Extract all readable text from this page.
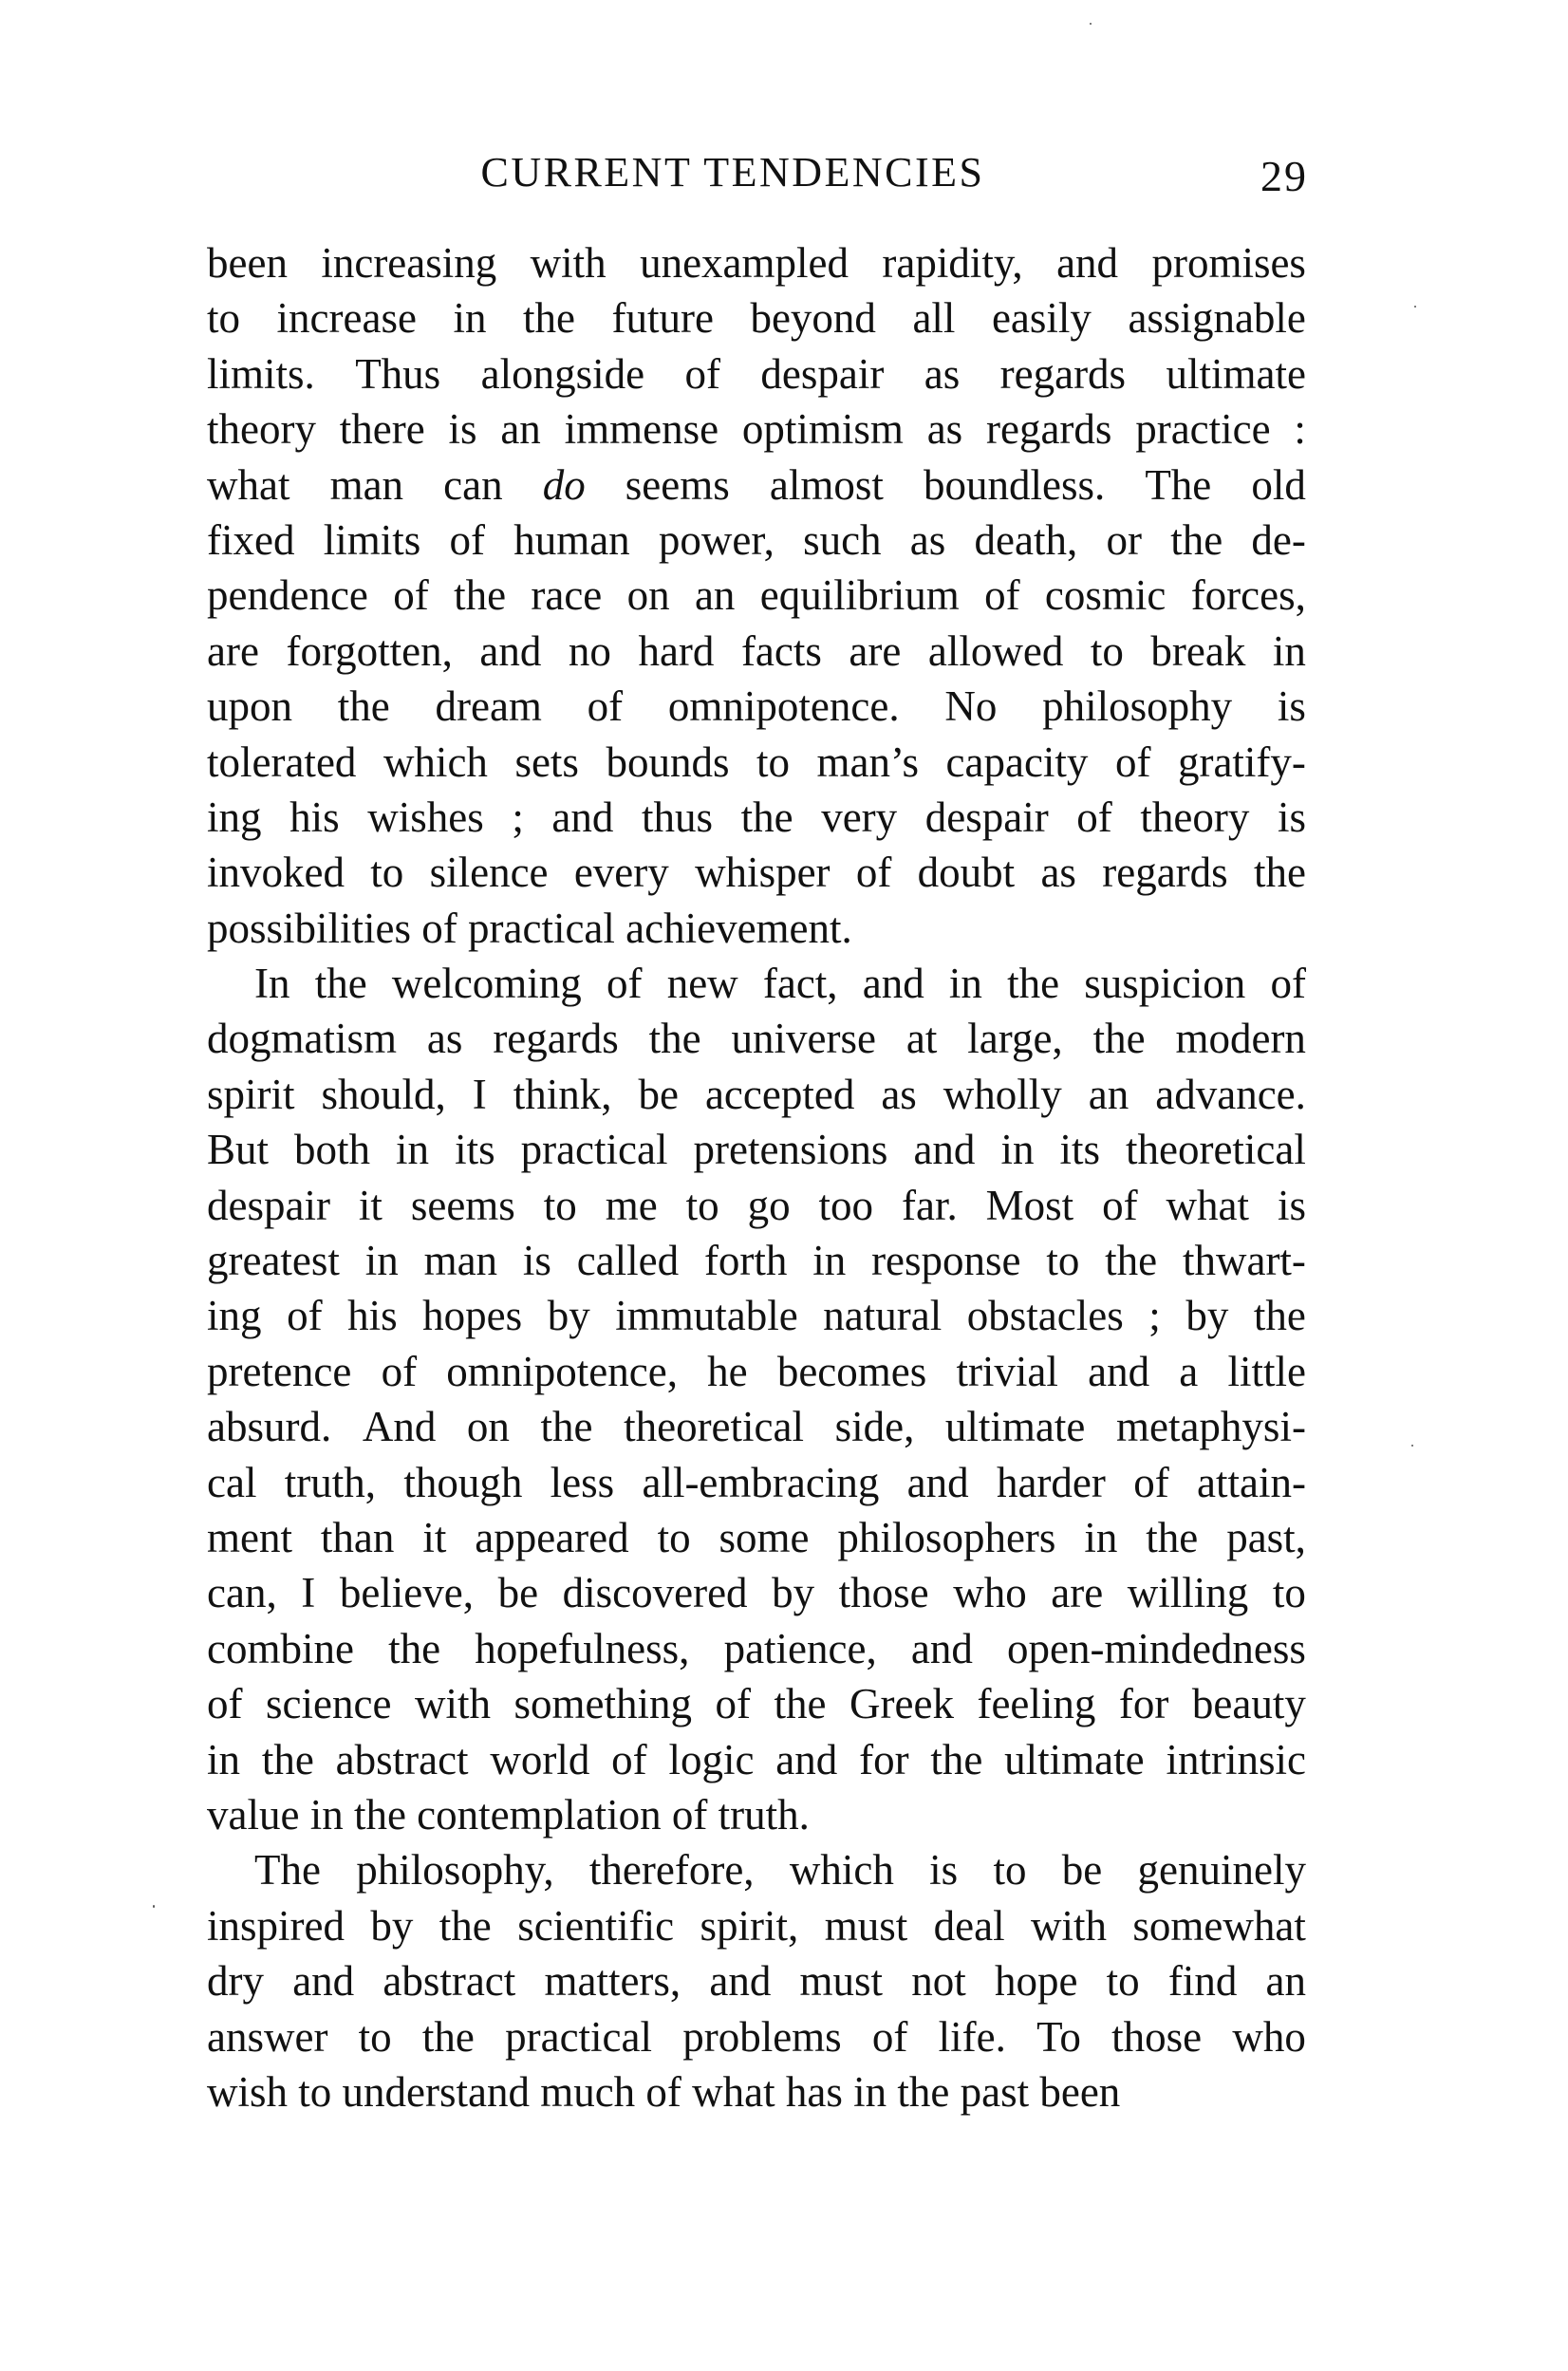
CURRENT TENDENCIES	29
been increasing with unexampled rapidity, and promises
to increase in the future beyond all easily assignable
limits. Thus alongside of despair as regards ultimate
theory there is an immense optimism as regards practice :
what man can do seems almost boundless. The old
fixed limits of human power, such as death, or the de-
pendence of the race on an equilibrium of cosmic forces,
are forgotten, and no hard facts are allowed to break in
upon the dream of omnipotence. No philosophy is
tolerated which sets bounds to man’s capacity of gratify-
ing his wishes ; and thus the very despair of theory is
invoked to silence every whisper of doubt as regards the
possibilities of practical achievement.
In the welcoming of new fact, and in the suspicion of
dogmatism as regards the universe at large, the modern
spirit should, I think, be accepted as wholly an advance.
But both in its practical pretensions and in its theoretical
despair it seems to me to go too far. Most of what is
greatest in man is called forth in response to the thwart-
ing of his hopes by immutable natural obstacles ; by the
pretence of omnipotence, he becomes trivial and a little
absurd. And on the theoretical side, ultimate metaphysi-
cal truth, though less all-embracing and harder of attain-
ment than it appeared to some philosophers in the past,
can, I believe, be discovered by those who are willing to
combine the hopefulness, patience, and open-mindedness
of science with something of the Greek feeling for beauty
in the abstract world of logic and for the ultimate intrinsic
value in the contemplation of truth.
The philosophy, therefore, which is to be genuinely
inspired by the scientific spirit, must deal with somewhat
dry and abstract matters, and must not hope to find an
answer to the practical problems of life. To those who
wish to understand much of what has in the past been
